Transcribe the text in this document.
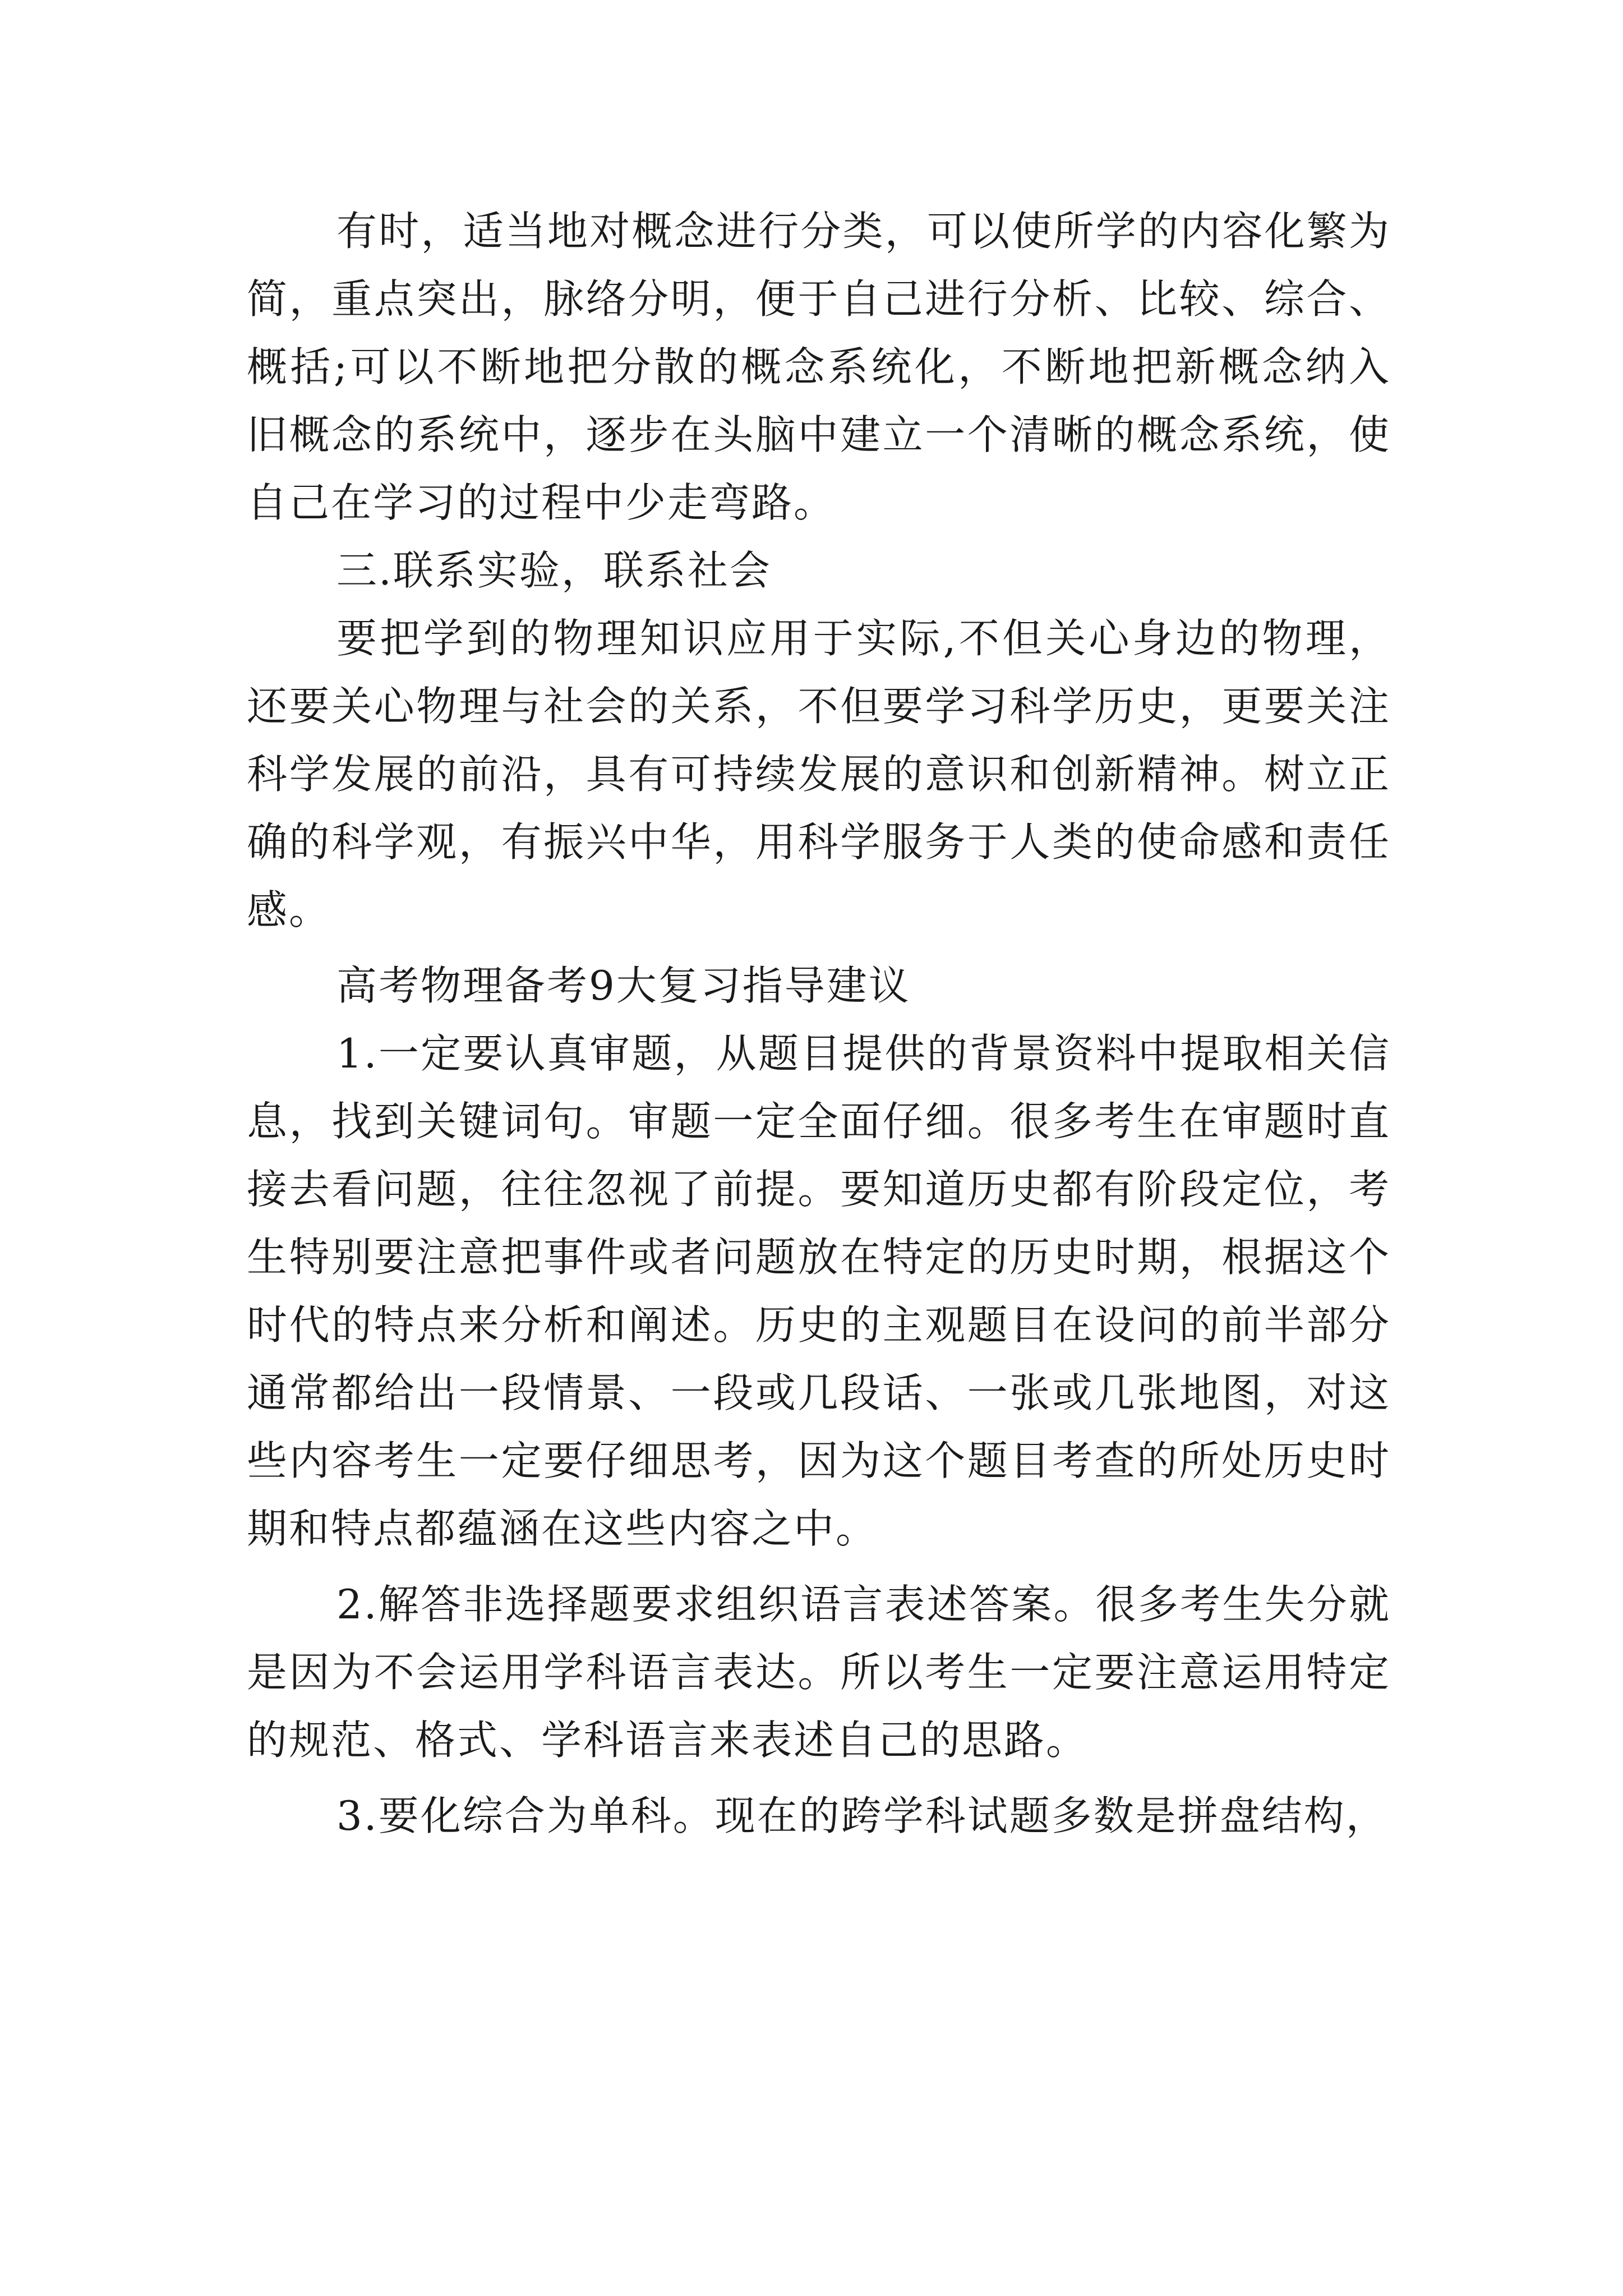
有时，适当地对概念进行分类，可以使所学的内容化繁为简，重点突出，脉络分明，便于自己进行分析、比较、综合、概括;可以不断地把分散的概念系统化，不断地把新概念纳入旧概念的系统中，逐步在头脑中建立一个清晰的概念系统，使自己在学习的过程中少走弯路。

三.联系实验，联系社会

要把学到的物理知识应用于实际,不但关心身边的物理，还要关心物理与社会的关系，不但要学习科学历史，更要关注科学发展的前沿，具有可持续发展的意识和创新精神。树立正确的科学观，有振兴中华，用科学服务于人类的使命感和责任感。

高考物理备考9大复习指导建议

1.一定要认真审题，从题目提供的背景资料中提取相关信息，找到关键词句。审题一定全面仔细。很多考生在审题时直接去看问题，往往忽视了前提。要知道历史都有阶段定位，考生特别要注意把事件或者问题放在特定的历史时期，根据这个时代的特点来分析和阐述。历史的主观题目在设问的前半部分通常都给出一段情景、一段或几段话、一张或几张地图，对这些内容考生一定要仔细思考，因为这个题目考查的所处历史时期和特点都蕴涵在这些内容之中。

2.解答非选择题要求组织语言表述答案。很多考生失分就是因为不会运用学科语言表达。所以考生一定要注意运用特定的规范、格式、学科语言来表述自己的思路。

3.要化综合为单科。现在的跨学科试题多数是拼盘结构，
